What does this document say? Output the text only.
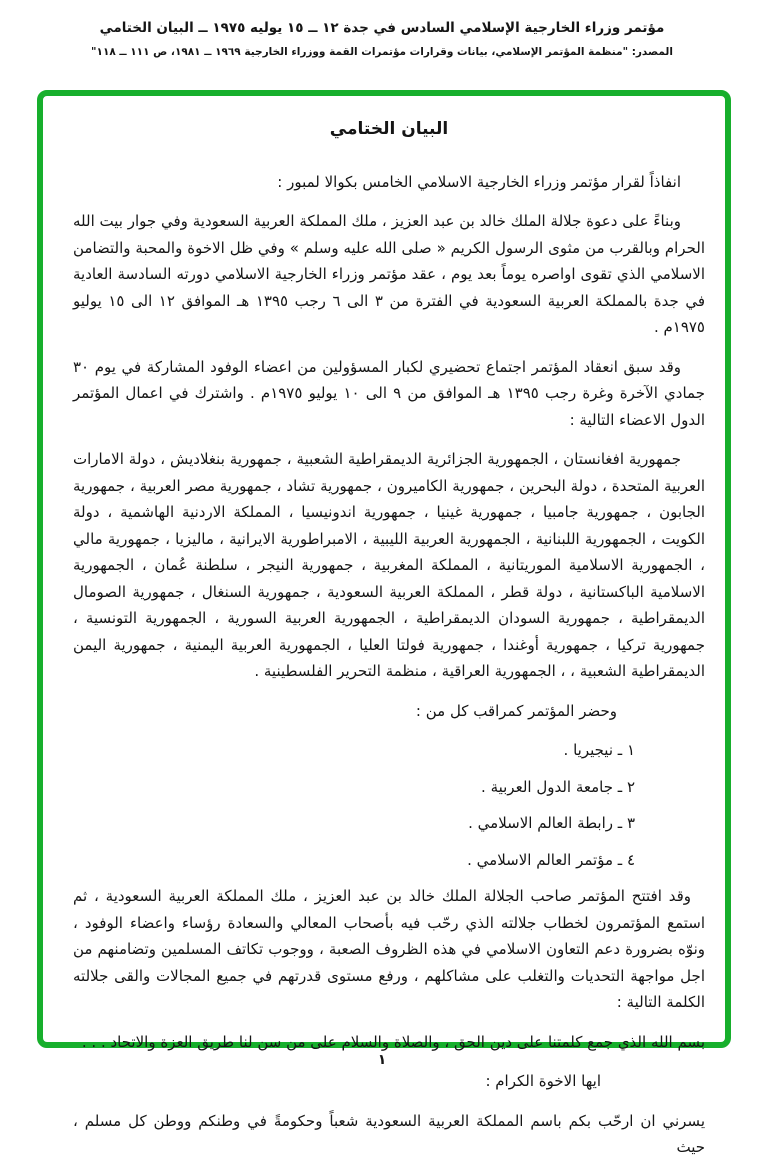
مؤتمر وزراء الخارجية الإسلامي السادس في جدة ١٢ ــ ١٥ يوليه ١٩٧٥ ــ البيان الختامي
المصدر: "منظمة المؤتمر الإسلامي، بيانات وقرارات مؤتمرات القمة ووزراء الخارجية ١٩٦٩ ــ ١٩٨١، ص ١١١ ــ ١١٨"
البيان الختامي

انفاذاً لقرار مؤتمر وزراء الخارجية الاسلامي الخامس بكوالا لمبور :

وبناءً على دعوة جلالة الملك خالد بن عبد العزيز ، ملك المملكة العربية السعودية وفي جوار بيت الله الحرام وبالقرب من مثوى الرسول الكريم « صلى الله عليه وسلم » وفي ظل الاخوة والمحبة والتضامن الاسلامي الذي تقوى اواصره يوماً بعد يوم ، عقد مؤتمر وزراء الخارجية الاسلامي دورته السادسة العادية في جدة بالمملكة العربية السعودية في الفترة من ٣ الى ٦ رجب ١٣٩٥ هـ الموافق ١٢ الى ١٥ يوليو ١٩٧٥م .

وقد سبق انعقاد المؤتمر اجتماع تحضيري لكبار المسؤولين من اعضاء الوفود المشاركة في يوم ٣٠ جمادي الآخرة وغرة رجب ١٣٩٥ هـ الموافق من ٩ الى ١٠ يوليو ١٩٧٥م . واشترك في اعمال المؤتمر الدول الاعضاء التالية :

جمهورية افغانستان ، الجمهورية الجزائرية الديمقراطية الشعبية ، جمهورية بنغلاديش ، دولة الامارات العربية المتحدة ، دولة البحرين ، جمهورية الكاميرون ، جمهورية تشاد ، جمهورية مصر العربية ، جمهورية الجابون ، جمهورية جامبيا ، جمهورية غينيا ، جمهورية اندونيسيا ، المملكة الاردنية الهاشمية ، دولة الكويت ، الجمهورية اللبنانية ، الجمهورية العربية الليبية ، الامبراطورية الايرانية ، ماليزيا ، جمهورية مالي ، الجمهورية الاسلامية الموريتانية ، المملكة المغربية ، جمهورية النيجر ، سلطنة عُمان ، الجمهورية الاسلامية الباكستانية ، دولة قطر ، المملكة العربية السعودية ، جمهورية السنغال ، جمهورية الصومال الديمقراطية ، جمهورية السودان الديمقراطية ، الجمهورية العربية السورية ، الجمهورية التونسية ، جمهورية تركيا ، جمهورية أوغندا ، جمهورية فولتا العليا ، الجمهورية العربية اليمنية ، جمهورية اليمن الديمقراطية الشعبية ، ، الجمهورية العراقية ، منظمة التحرير الفلسطينية .

وحضر المؤتمر كمراقب كل من :

١ ـ نيجيريا .

٢ ـ جامعة الدول العربية .

٣ ـ رابطة العالم الاسلامي .

٤ ـ مؤتمر العالم الاسلامي .

وقد افتتح المؤتمر صاحب الجلالة الملك خالد بن عبد العزيز ، ملك المملكة العربية السعودية ، ثم استمع المؤتمرون لخطاب جلالته الذي رحّب فيه بأصحاب المعالي والسعادة رؤساء واعضاء الوفود ، ونوّه بضرورة دعم التعاون الاسلامي في هذه الظروف الصعبة ، ووجوب تكاتف المسلمين وتضامنهم من اجل مواجهة التحديات والتغلب على مشاكلهم ، ورفع مستوى قدرتهم في جميع المجالات والقى جلالته الكلمة التالية :

بسم الله الذي جمع كلمتنا على دين الحق ، والصلاة والسلام على من سن لنا طريق العزة والاتحاد . . .

ايها الاخوة الكرام :

يسرني ان ارحّب بكم باسم المملكة العربية السعودية شعباً وحكومةً في وطنكم ووطن كل مسلم ، حيث

١
